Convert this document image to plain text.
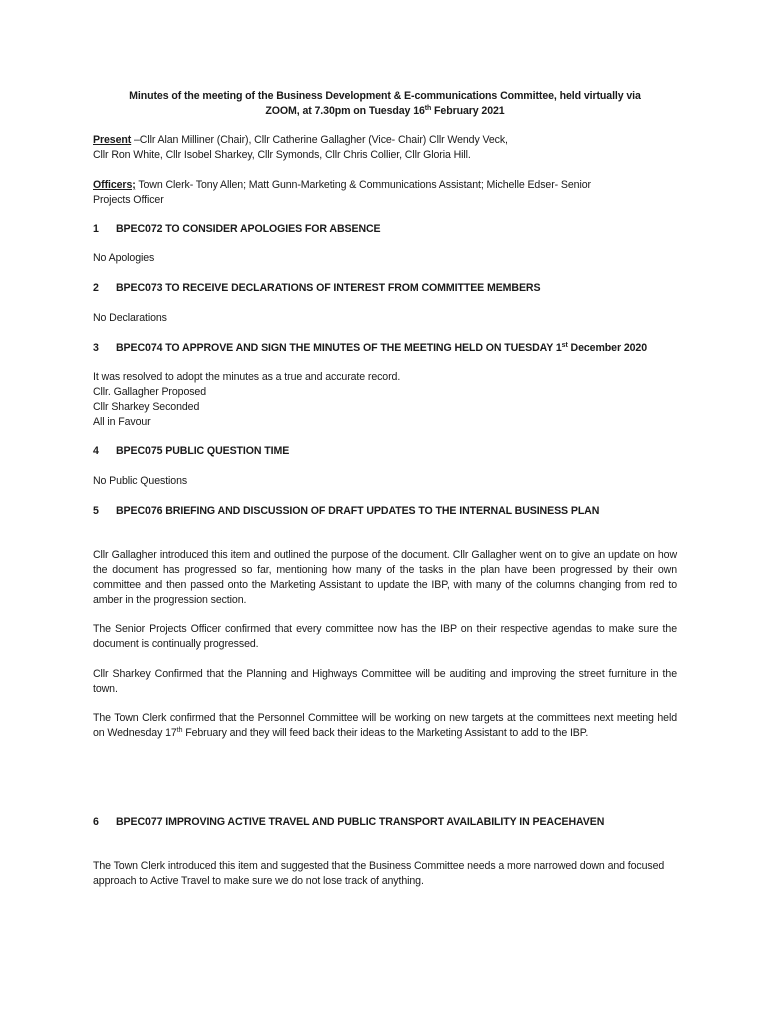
Minutes of the meeting of the Business Development & E-communications Committee, held virtually via
ZOOM, at 7.30pm on Tuesday 16th February 2021
Present –Cllr Alan Milliner (Chair), Cllr Catherine Gallagher (Vice- Chair) Cllr Wendy Veck,
Cllr Ron White, Cllr Isobel Sharkey, Cllr Symonds, Cllr Chris Collier, Cllr Gloria Hill.
Officers; Town Clerk- Tony Allen; Matt Gunn-Marketing & Communications Assistant; Michelle Edser- Senior
Projects Officer
1 BPEC072 TO CONSIDER APOLOGIES FOR ABSENCE
No Apologies
2 BPEC073 TO RECEIVE DECLARATIONS OF INTEREST FROM COMMITTEE MEMBERS
No Declarations
3 BPEC074 TO APPROVE AND SIGN THE MINUTES OF THE MEETING HELD ON TUESDAY 1st December 2020
It was resolved to adopt the minutes as a true and accurate record.
Cllr. Gallagher Proposed
Cllr Sharkey Seconded
All in Favour
4 BPEC075 PUBLIC QUESTION TIME
No Public Questions
5 BPEC076 BRIEFING AND DISCUSSION OF DRAFT UPDATES TO THE INTERNAL BUSINESS PLAN
Cllr Gallagher introduced this item and outlined the purpose of the document. Cllr Gallagher went on to give an update on how the document has progressed so far, mentioning how many of the tasks in the plan have been progressed by their own committee and then passed onto the Marketing Assistant to update the IBP, with many of the columns changing from red to amber in the progression section.
The Senior Projects Officer confirmed that every committee now has the IBP on their respective agendas to make sure the document is continually progressed.
Cllr Sharkey Confirmed that the Planning and Highways Committee will be auditing and improving the street furniture in the town.
The Town Clerk confirmed that the Personnel Committee will be working on new targets at the committees next meeting held on Wednesday 17th February and they will feed back their ideas to the Marketing Assistant to add to the IBP.
6 BPEC077 IMPROVING ACTIVE TRAVEL AND PUBLIC TRANSPORT AVAILABILITY IN PEACEHAVEN
The Town Clerk introduced this item and suggested that the Business Committee needs a more narrowed down and focused approach to Active Travel to make sure we do not lose track of anything.
